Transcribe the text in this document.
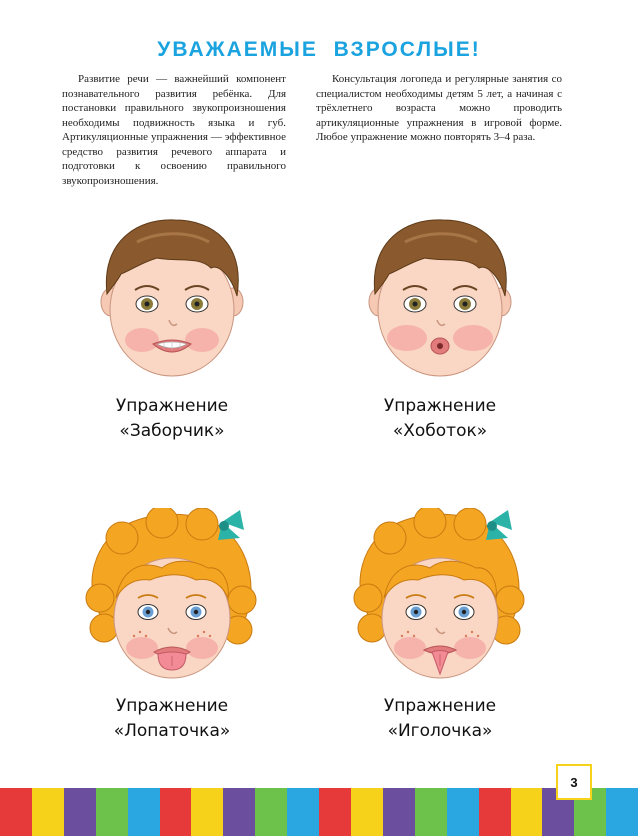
УВАЖАЕМЫЕ ВЗРОСЛЫЕ!

Развитие речи — важнейший компонент познавательного развития ребёнка. Для постановки правильного звукопроизношения необходимы подвижность языка и губ. Артикуляционные упражнения — эффективное средство развития речевого аппарата и подготовки к освоению правильного звукопроизношения.

Консультация логопеда и регулярные занятия со специалистом необходимы детям 5 лет, а начиная с трёхлетнего возраста можно проводить артикуляционные упражнения в игровой форме. Любое упражнение можно повторять 3–4 раза.

Упражнение
«Заборчик»
Упражнение
«Хоботок»
Упражнение
«Лопаточка»
Упражнение
«Иголочка»
3
